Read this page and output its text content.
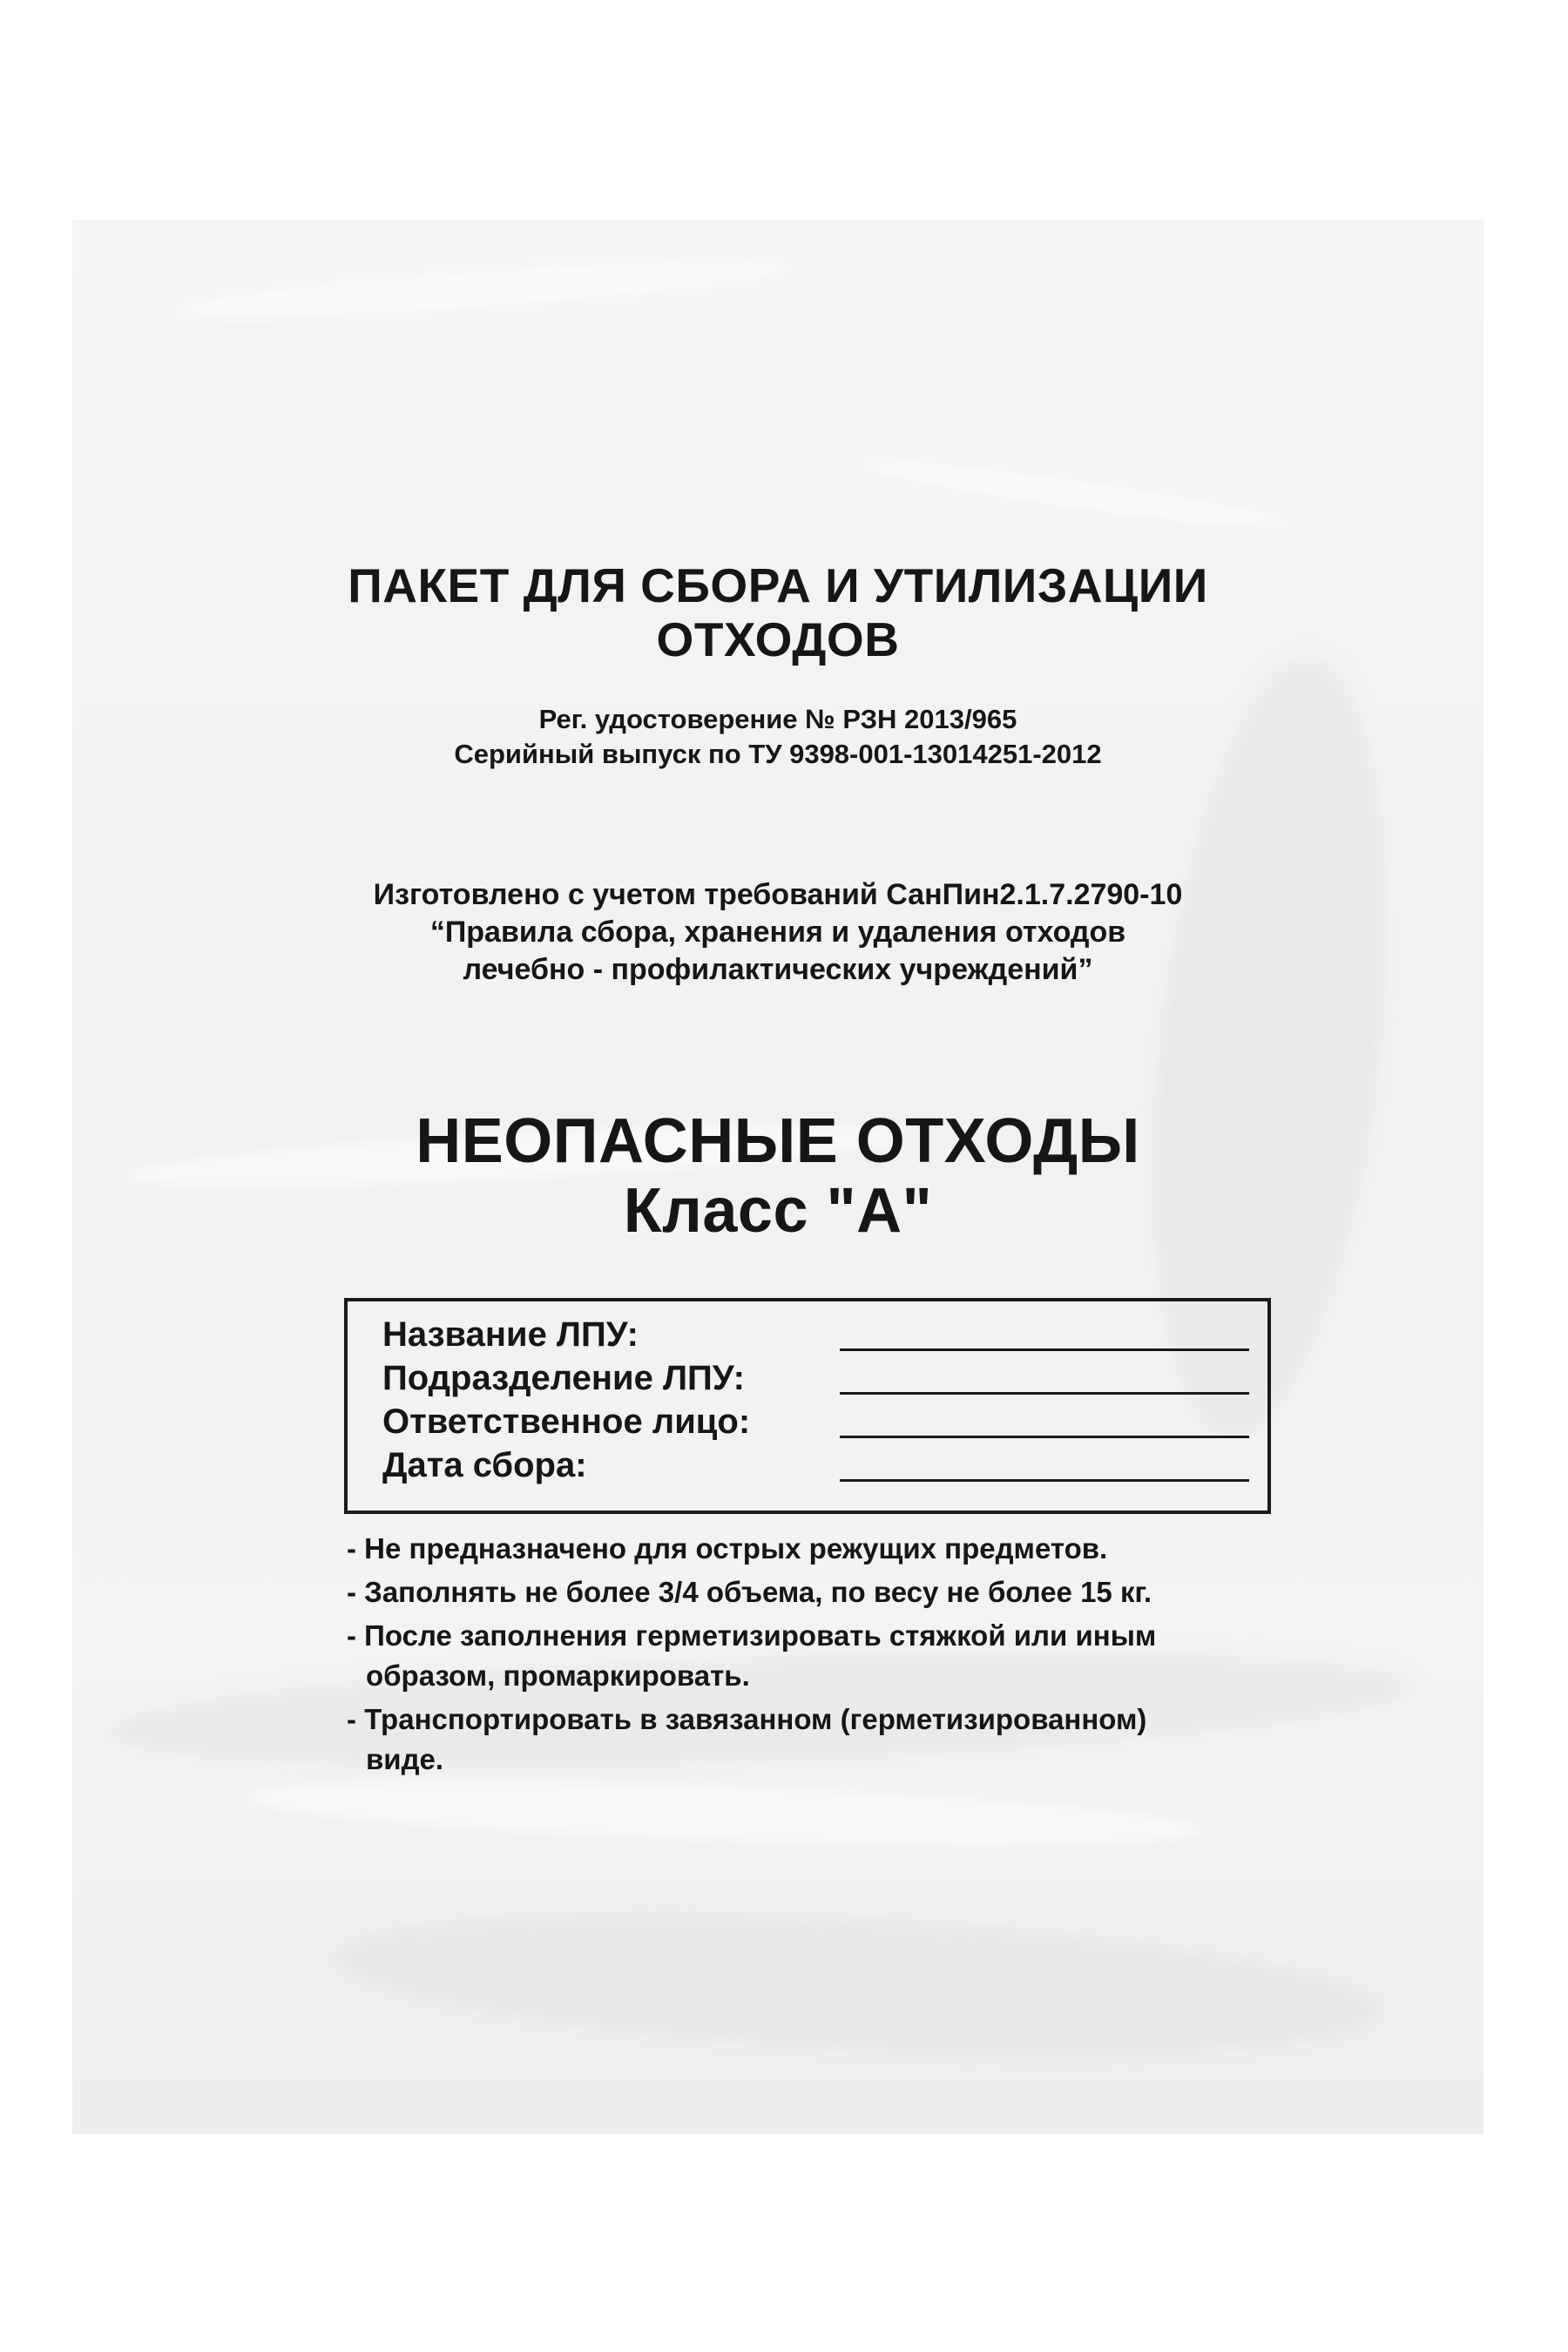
ПАКЕТ ДЛЯ СБОРА И УТИЛИЗАЦИИ

ОТХОДОВ

Рег. удостоверение № РЗН 2013/965

Серийный выпуск по ТУ 9398-001-13014251-2012

Изготовлено с учетом требований СанПин2.1.7.2790-10

“Правила сбора, хранения и удаления отходов

лечебно - профилактических учреждений”

НЕОПАСНЫЕ ОТХОДЫ

Класс "А"

Название ЛПУ:
Подразделение ЛПУ:
Ответственное лицо:
Дата сбора:

- Не предназначено для острых режущих предметов.

- Заполнять не более 3/4 объема, по весу не более 15 кг.

- После заполнения герметизировать стяжкой или иным
образом, промаркировать.

- Транспортировать в завязанном (герметизированном)
виде.
